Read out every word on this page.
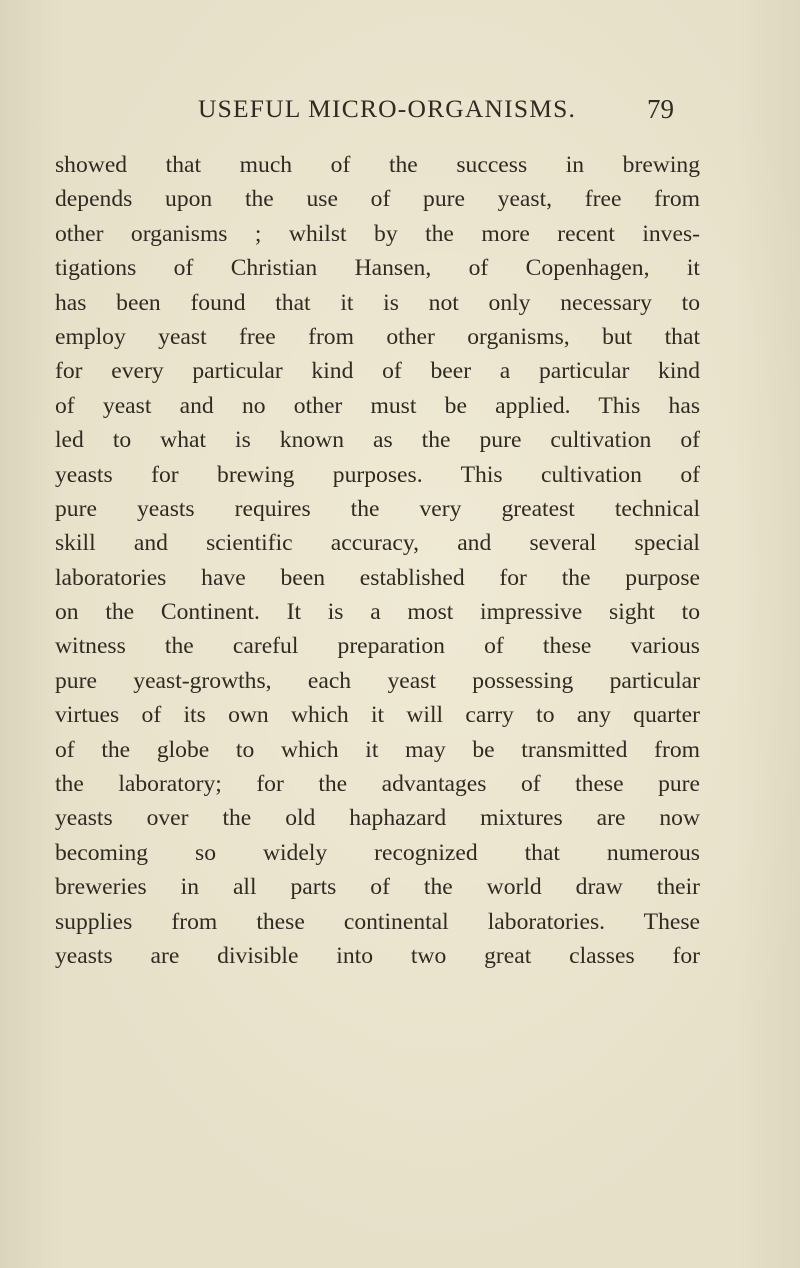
USEFUL MICRO-ORGANISMS.	79
showed that much of the success in brewing
depends upon the use of pure yeast, free from
other organisms ; whilst by the more recent inves-
tigations of Christian Hansen, of Copenhagen, it
has been found that it is not only necessary to
employ yeast free from other organisms, but that
for every particular kind of beer a particular kind
of yeast and no other must be applied. This has
led to what is known as the pure cultivation of
yeasts for brewing purposes. This cultivation of
pure yeasts requires the very greatest technical
skill and scientific accuracy, and several special
laboratories have been established for the purpose
on the Continent. It is a most impressive sight to
witness the careful preparation of these various
pure yeast-growths, each yeast possessing particular
virtues of its own which it will carry to any quarter
of the globe to which it may be transmitted from
the laboratory; for the advantages of these pure
yeasts over the old haphazard mixtures are now
becoming so widely recognized that numerous
breweries in all parts of the world draw their
supplies from these continental laboratories. These
yeasts are divisible into two great classes for
